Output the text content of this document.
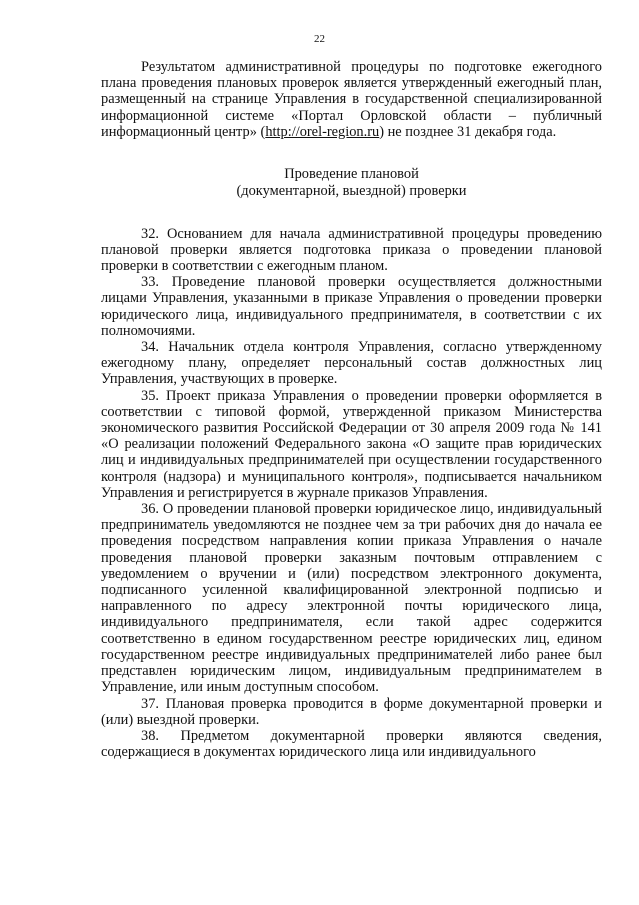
22

Результатом административной процедуры по подготовке ежегодного плана проведения плановых проверок является утвержденный ежегодный план, размещенный на странице Управления в государственной специализированной информационной системе «Портал Орловской области – публичный информационный центр» (http://orel-region.ru) не позднее 31 декабря года.

Проведение плановой
(документарной, выездной) проверки

32. Основанием для начала административной процедуры проведению плановой проверки является подготовка приказа о проведении плановой проверки в соответствии с ежегодным планом.

33. Проведение плановой проверки осуществляется должностными лицами Управления, указанными в приказе Управления о проведении проверки юридического лица, индивидуального предпринимателя, в соответствии с их полномочиями.

34. Начальник отдела контроля Управления, согласно утвержденному ежегодному плану, определяет персональный состав должностных лиц Управления, участвующих в проверке.

35. Проект приказа Управления о проведении проверки оформляется в соответствии с типовой формой, утвержденной приказом Министерства экономического развития Российской Федерации от 30 апреля 2009 года № 141 «О реализации положений Федерального закона «О защите прав юридических лиц и индивидуальных предпринимателей при осуществлении государственного контроля (надзора) и муниципального контроля», подписывается начальником Управления и регистрируется в журнале приказов Управления.

36. О проведении плановой проверки юридическое лицо, индивидуальный предприниматель уведомляются не позднее чем за три рабочих дня до начала ее проведения посредством направления копии приказа Управления о начале проведения плановой проверки заказным почтовым отправлением с уведомлением о вручении и (или) посредством электронного документа, подписанного усиленной квалифицированной электронной подписью и направленного по адресу электронной почты юридического лица, индивидуального предпринимателя, если такой адрес содержится соответственно в едином государственном реестре юридических лиц, едином государственном реестре индивидуальных предпринимателей либо ранее был представлен юридическим лицом, индивидуальным предпринимателем в Управление, или иным доступным способом.

37. Плановая проверка проводится в форме документарной проверки и (или) выездной проверки.

38. Предметом документарной проверки являются сведения, содержащиеся в документах юридического лица или индивидуального
